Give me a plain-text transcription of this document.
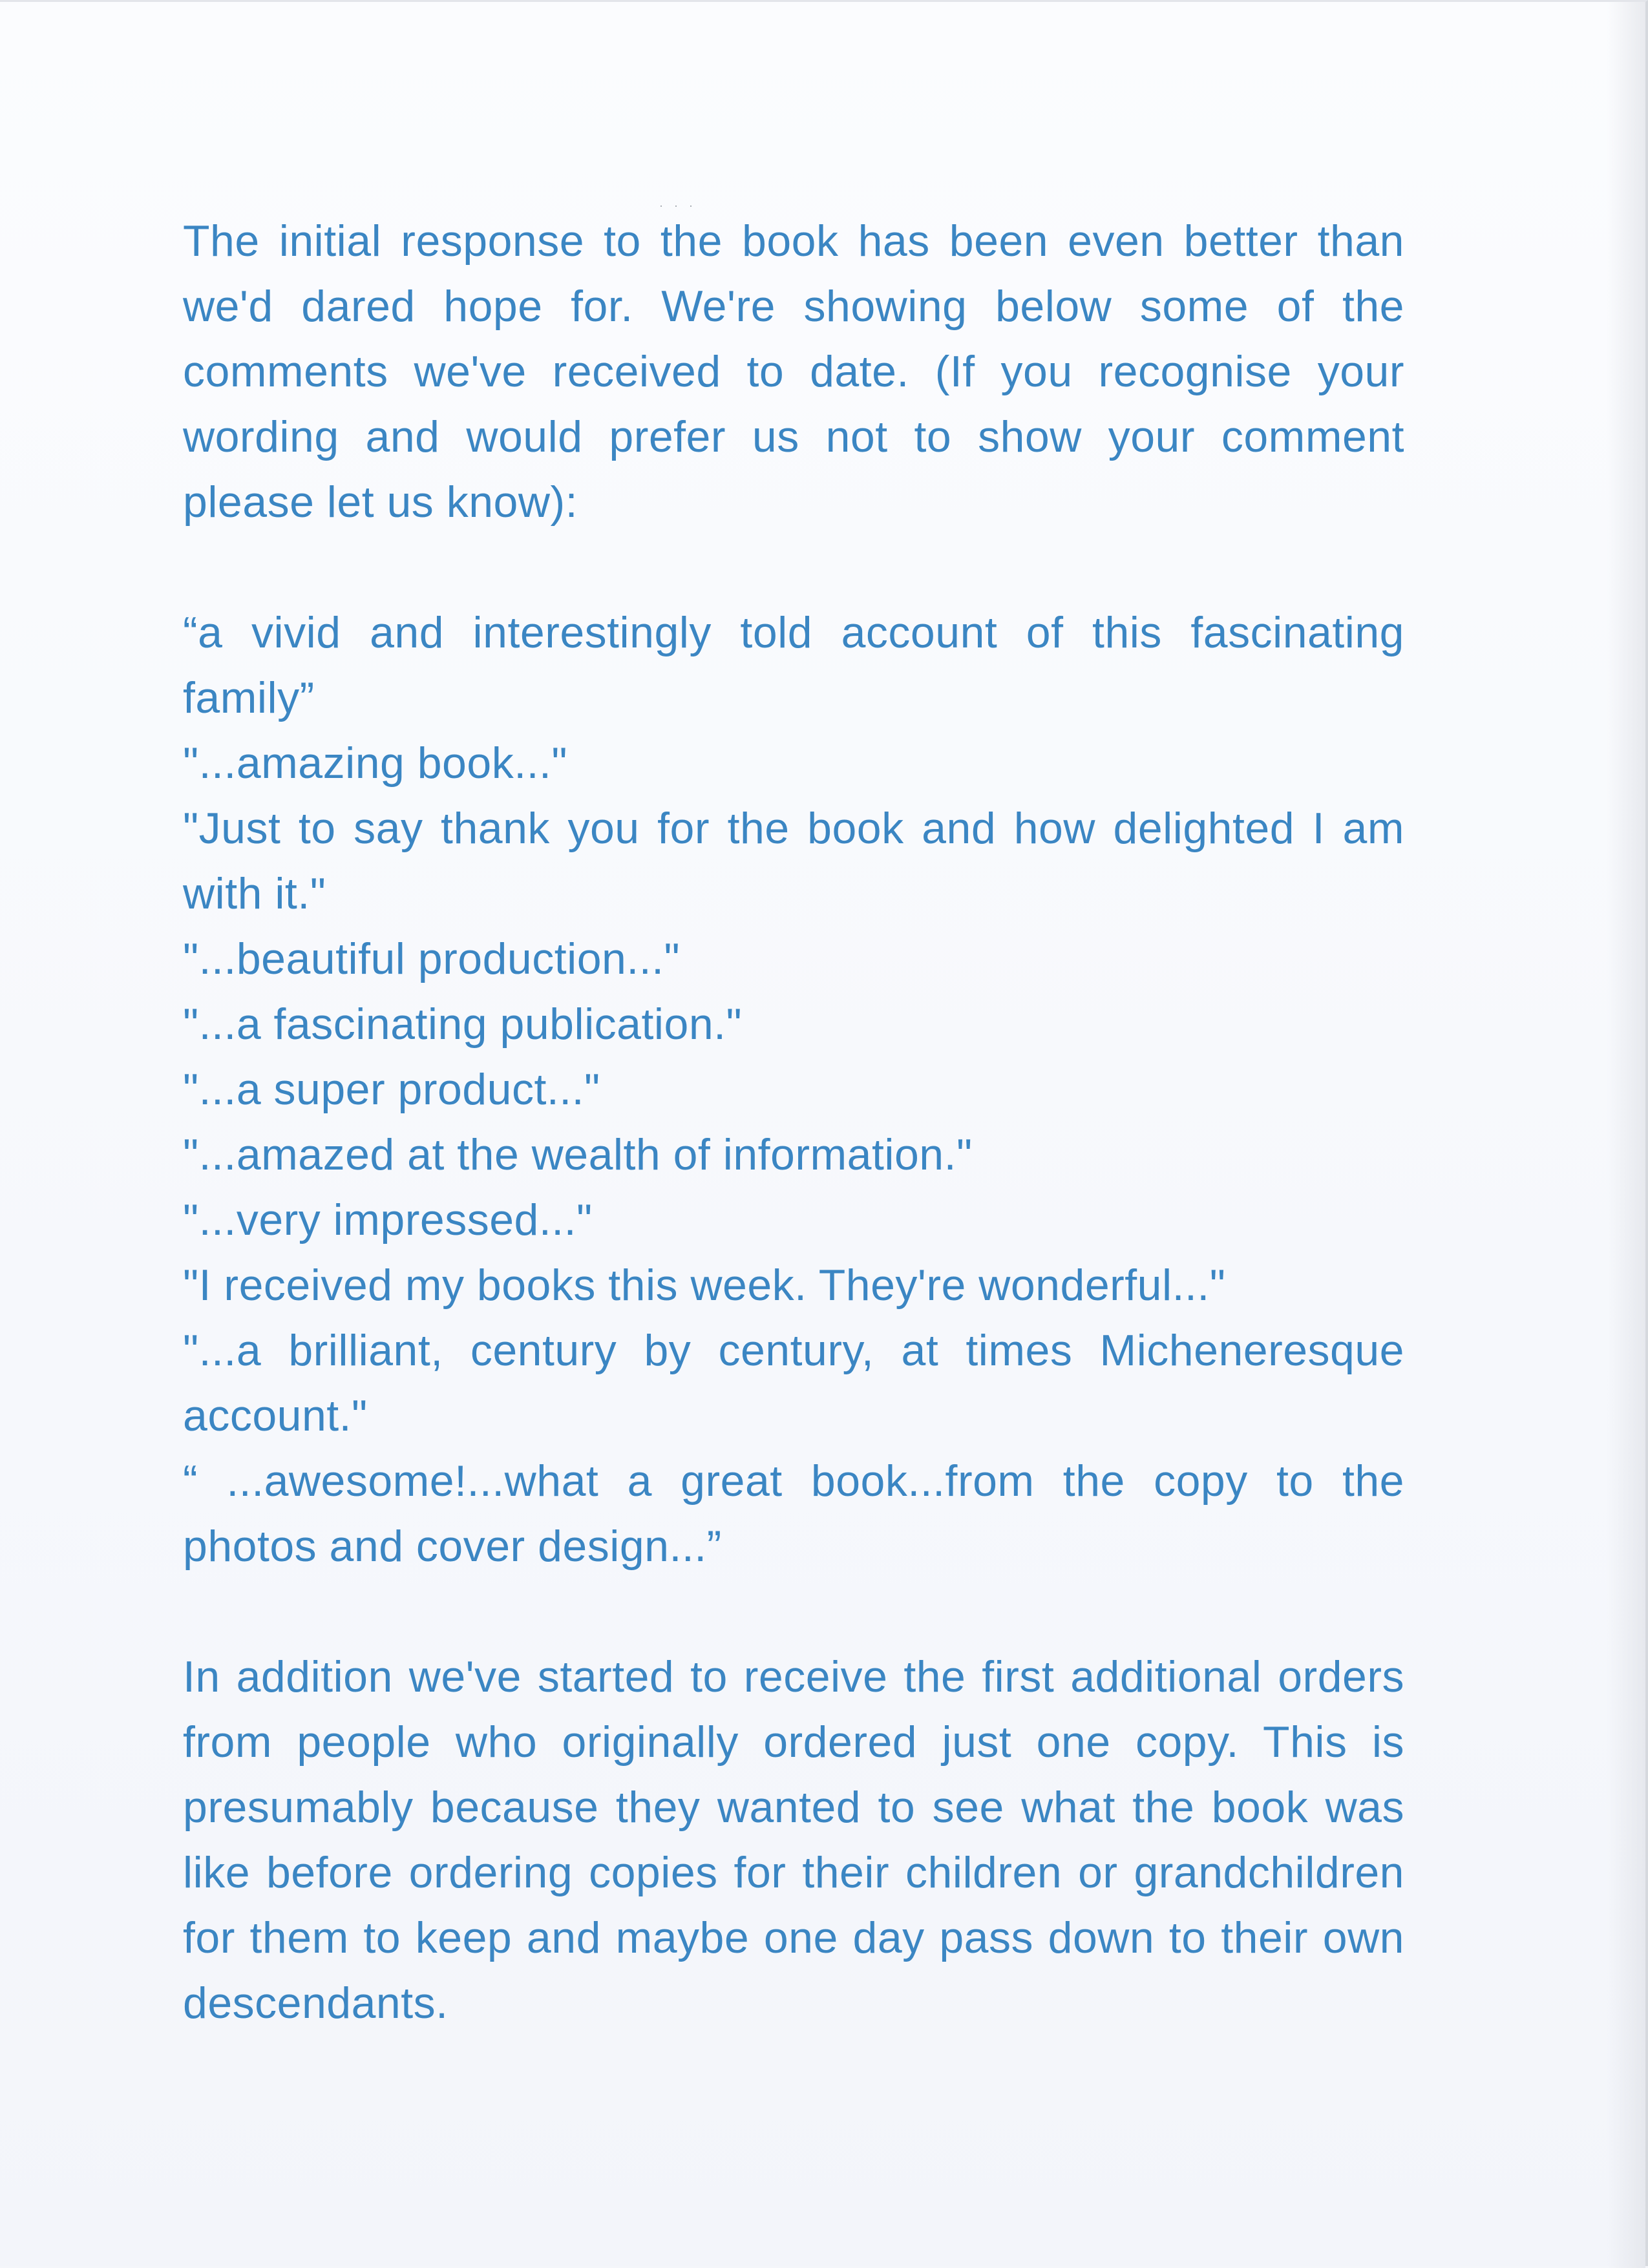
· · ·

The initial response to the book has been even better than we'd dared hope for. We're showing below some of the comments we've received to date. (If you recognise your wording and would prefer us not to show your comment please let us know):

“a vivid and interestingly told account of this fascinating family”
"...amazing book..."
"Just to say thank you for the book and how delighted I am with it."
"...beautiful production..."
"...a fascinating publication."
"...a super product..."
"...amazed at the wealth of information."
"...very impressed..."
"I received my books this week. They're wonderful..."
"...a brilliant, century by century, at times Micheneresque account."
“ ...awesome!...what a great book...from the copy to the photos and cover design...”

In addition we've started to receive the first additional orders from people who originally ordered just one copy. This is presumably because they wanted to see what the book was like before ordering copies for their children or grandchildren for them to keep and maybe one day pass down to their own descendants.
